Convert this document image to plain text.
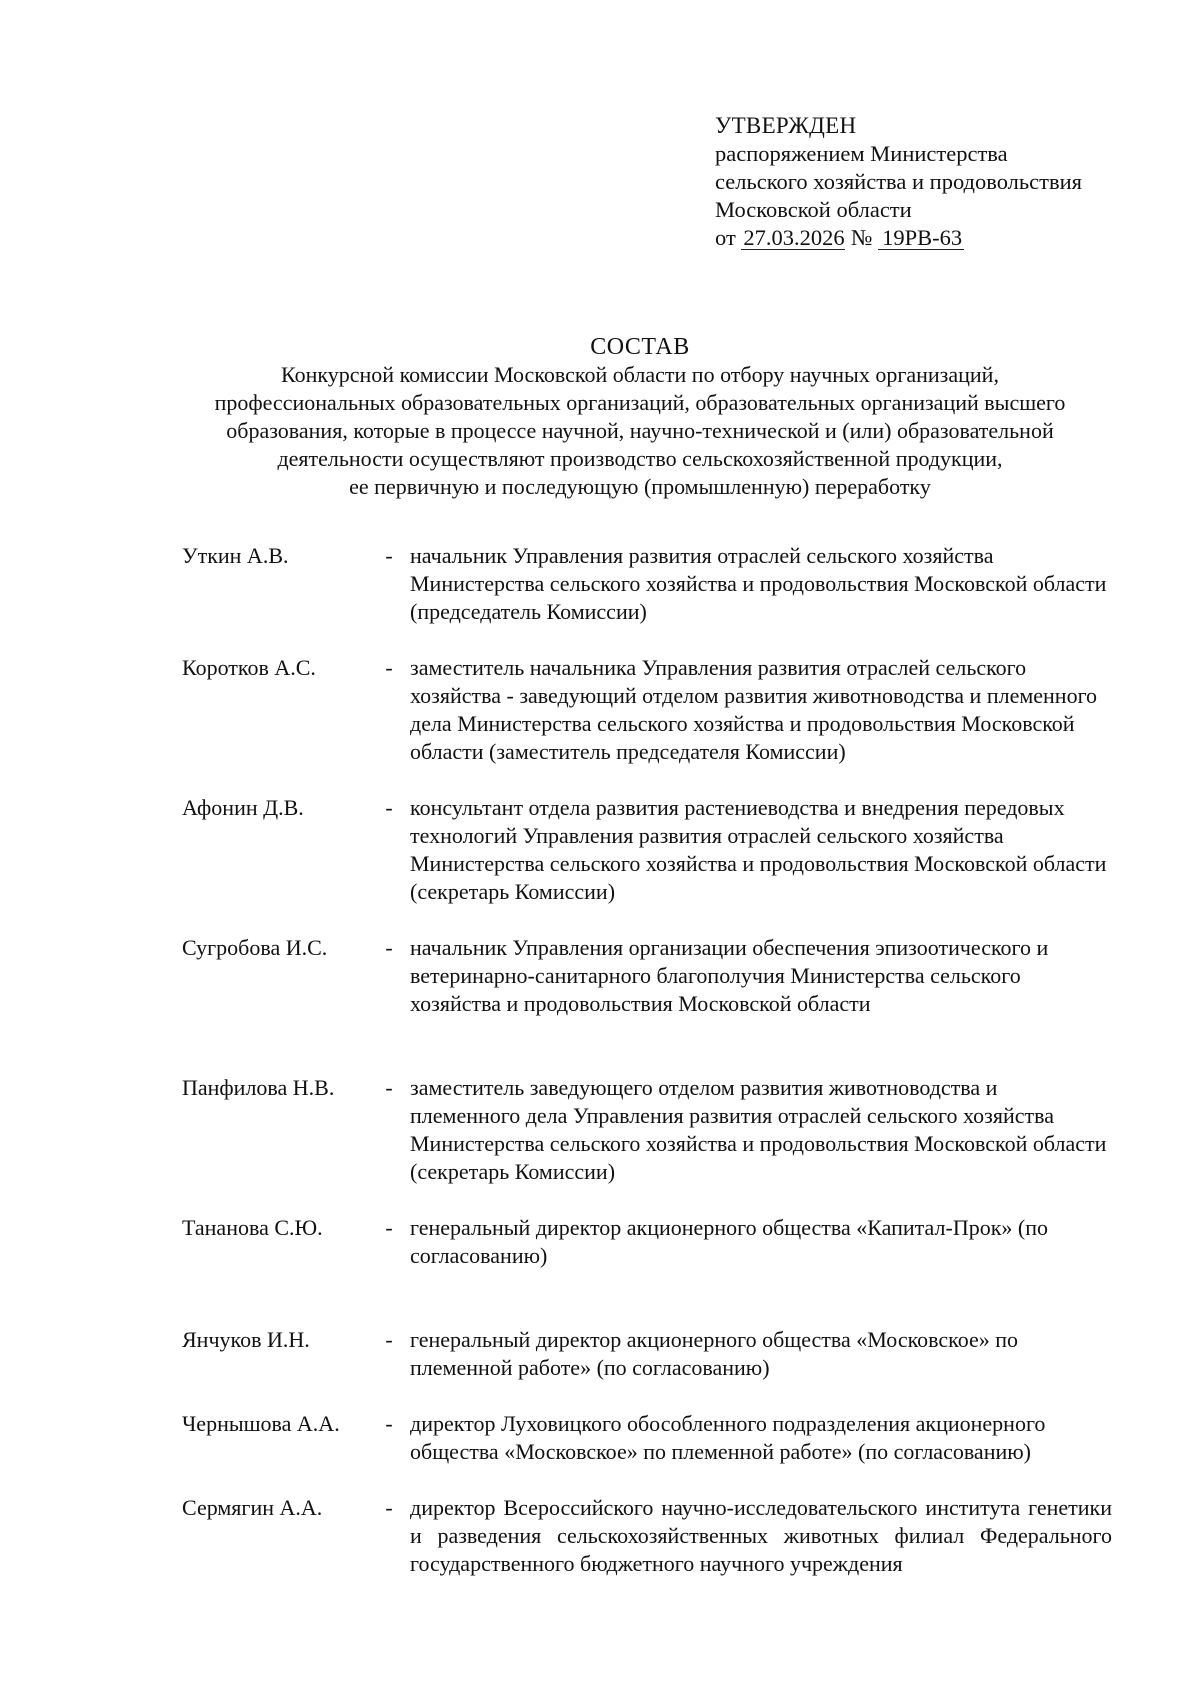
УТВЕРЖДЕН
распоряжением Министерства
сельского хозяйства и продовольствия
Московской области
от 27.03.2026 № 19РВ-63
СОСТАВ
Конкурсной комиссии Московской области по отбору научных организаций,
профессиональных образовательных организаций, образовательных организаций высшего
образования, которые в процессе научной, научно-технической и (или) образовательной
деятельности осуществляют производство сельскохозяйственной продукции,
ее первичную и последующую (промышленную) переработку
Уткин А.В.	- начальник Управления развития отраслей сельского хозяйства Министерства сельского хозяйства и продовольствия Московской области (председатель Комиссии)
Коротков А.С.	- заместитель начальника Управления развития отраслей сельского хозяйства - заведующий отделом развития животноводства и племенного дела Министерства сельского хозяйства и продовольствия Московской области (заместитель председателя Комиссии)
Афонин Д.В.	- консультант отдела развития растениеводства и внедрения передовых технологий Управления развития отраслей сельского хозяйства Министерства сельского хозяйства и продовольствия Московской области (секретарь Комиссии)
Сугробова И.С.	- начальник Управления организации обеспечения эпизоотического и ветеринарно-санитарного благополучия Министерства сельского хозяйства и продовольствия Московской области
Панфилова Н.В.	- заместитель заведующего отделом развития животноводства и племенного дела Управления развития отраслей сельского хозяйства Министерства сельского хозяйства и продовольствия Московской области (секретарь Комиссии)
Тананова С.Ю.	- генеральный директор акционерного общества «Капитал-Прок» (по согласованию)
Янчуков И.Н.	- генеральный директор акционерного общества «Московское» по племенной работе» (по согласованию)
Чернышова А.А.	- директор Луховицкого обособленного подразделения акционерного общества «Московское» по племенной работе» (по согласованию)
Сермягин А.А.	- директор Всероссийского научно-исследовательского института генетики и разведения сельскохозяйственных животных филиал Федерального государственного бюджетного научного учреждения
